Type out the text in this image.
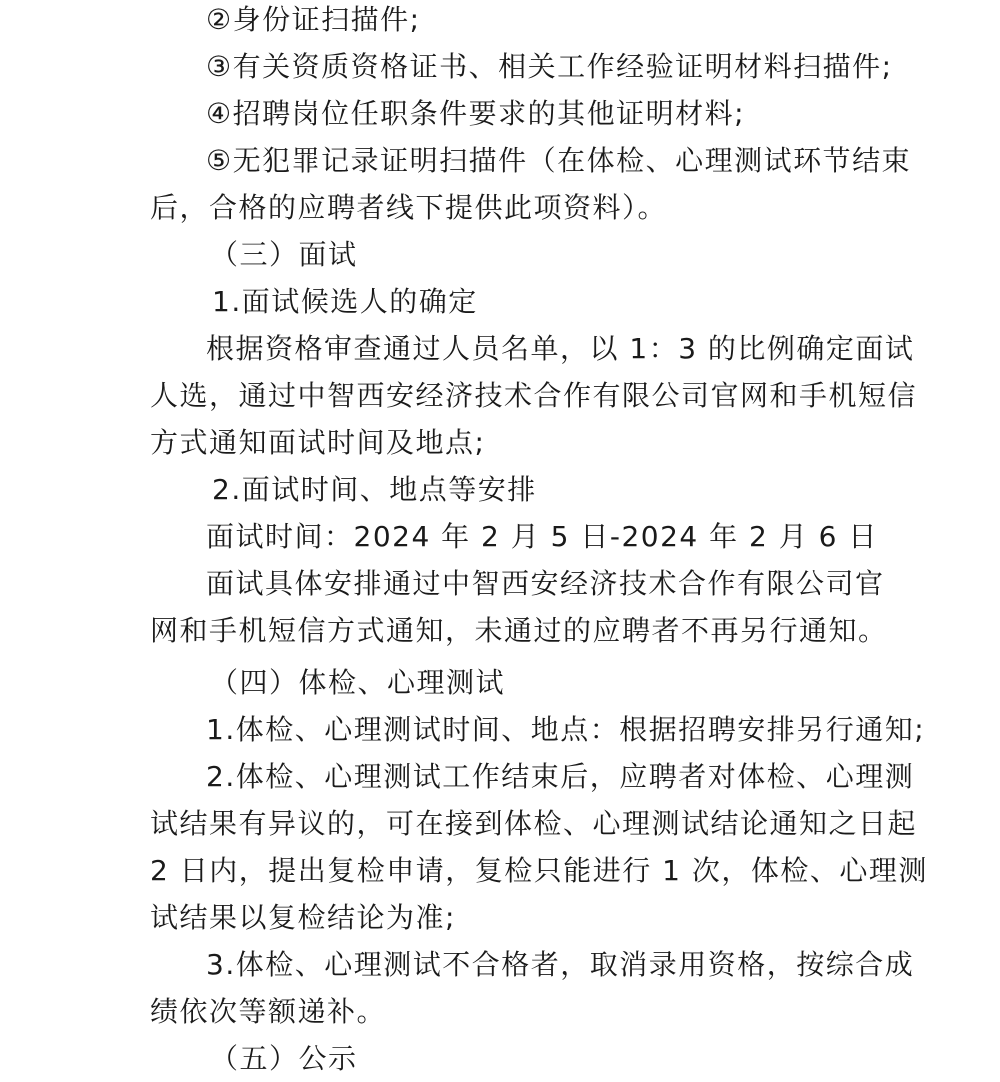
②身份证扫描件;
③有关资质资格证书、相关工作经验证明材料扫描件;
④招聘岗位任职条件要求的其他证明材料;
⑤无犯罪记录证明扫描件（在体检、心理测试环节结束
后，合格的应聘者线下提供此项资料）。
（三）面试
1.面试候选人的确定
根据资格审查通过人员名单，以 1：3 的比例确定面试
人选，通过中智西安经济技术合作有限公司官网和手机短信
方式通知面试时间及地点;
2.面试时间、地点等安排
面试时间：2024 年 2 月 5 日-2024 年 2 月 6 日
面试具体安排通过中智西安经济技术合作有限公司官
网和手机短信方式通知，未通过的应聘者不再另行通知。
（四）体检、心理测试
1.体检、心理测试时间、地点：根据招聘安排另行通知;
2.体检、心理测试工作结束后，应聘者对体检、心理测
试结果有异议的，可在接到体检、心理测试结论通知之日起
2 日内，提出复检申请，复检只能进行 1 次，体检、心理测
试结果以复检结论为准;
3.体检、心理测试不合格者，取消录用资格，按综合成
绩依次等额递补。
（五）公示
